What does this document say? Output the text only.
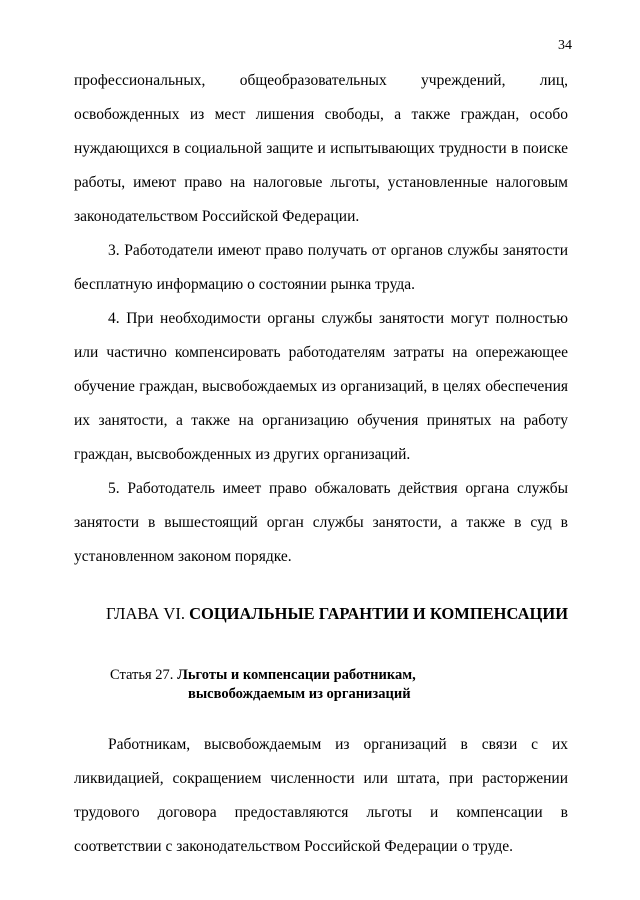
34

профессиональных, общеобразовательных учреждений, лиц, освобожденных из мест лишения свободы, а также граждан, особо нуждающихся в социальной защите и испытывающих трудности в поиске работы, имеют право на налоговые льготы, установленные налоговым законодательством Российской Федерации.

3. Работодатели имеют право получать от органов службы занятости бесплатную информацию о состоянии рынка труда.

4. При необходимости органы службы занятости могут полностью или частично компенсировать работодателям затраты на опережающее обучение граждан, высвобождаемых из организаций, в целях обеспечения их занятости, а также на организацию обучения принятых на работу граждан, высвобожденных из других организаций.

5. Работодатель имеет право обжаловать действия органа службы занятости в вышестоящий орган службы занятости, а также в суд в установленном законом порядке.

ГЛАВА VI. СОЦИАЛЬНЫЕ ГАРАНТИИ И КОМПЕНСАЦИИ
Статья 27. Льготы и компенсации работникам,
высвобождаемым из организаций

Работникам, высвобождаемым из организаций в связи с их ликвидацией, сокращением численности или штата, при расторжении трудового договора предоставляются льготы и компенсации в соответствии с законодательством Российской Федерации о труде.
